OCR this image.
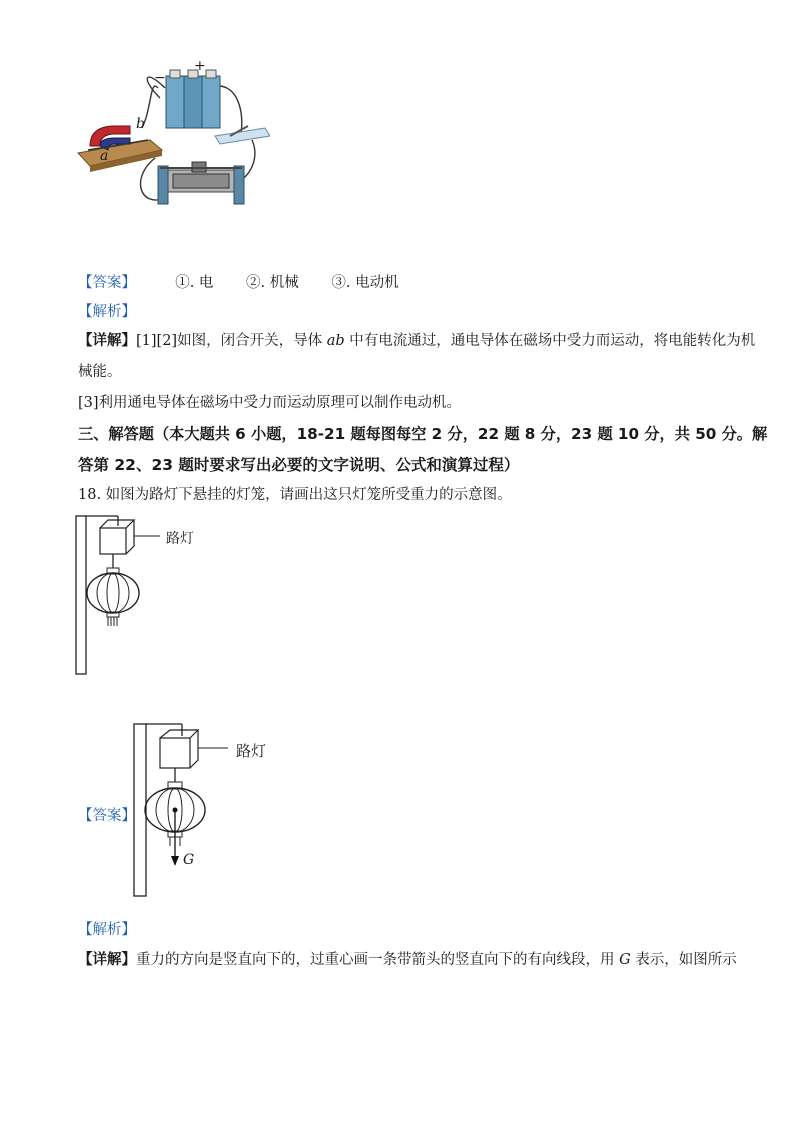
b
a
−
+
【答案】	①. 电 ②. 机械 ③. 电动机
【解析】
【详解】[1][2]如图，闭合开关，导体 ab 中有电流通过，通电导体在磁场中受力而运动，将电能转化为机
械能。
[3]利用通电导体在磁场中受力而运动原理可以制作电动机。
三、解答题（本大题共 6 小题，18-21 题每图每空 2 分，22 题 8 分，23 题 10 分，共 50 分。解
答第 22、23 题时要求写出必要的文字说明、公式和演算过程）
18. 如图为路灯下悬挂的灯笼，请画出这只灯笼所受重力的示意图。
路灯
【答案】
路灯
G
【解析】
【详解】重力的方向是竖直向下的，过重心画一条带箭头的竖直向下的有向线段，用 G 表示，如图所示
